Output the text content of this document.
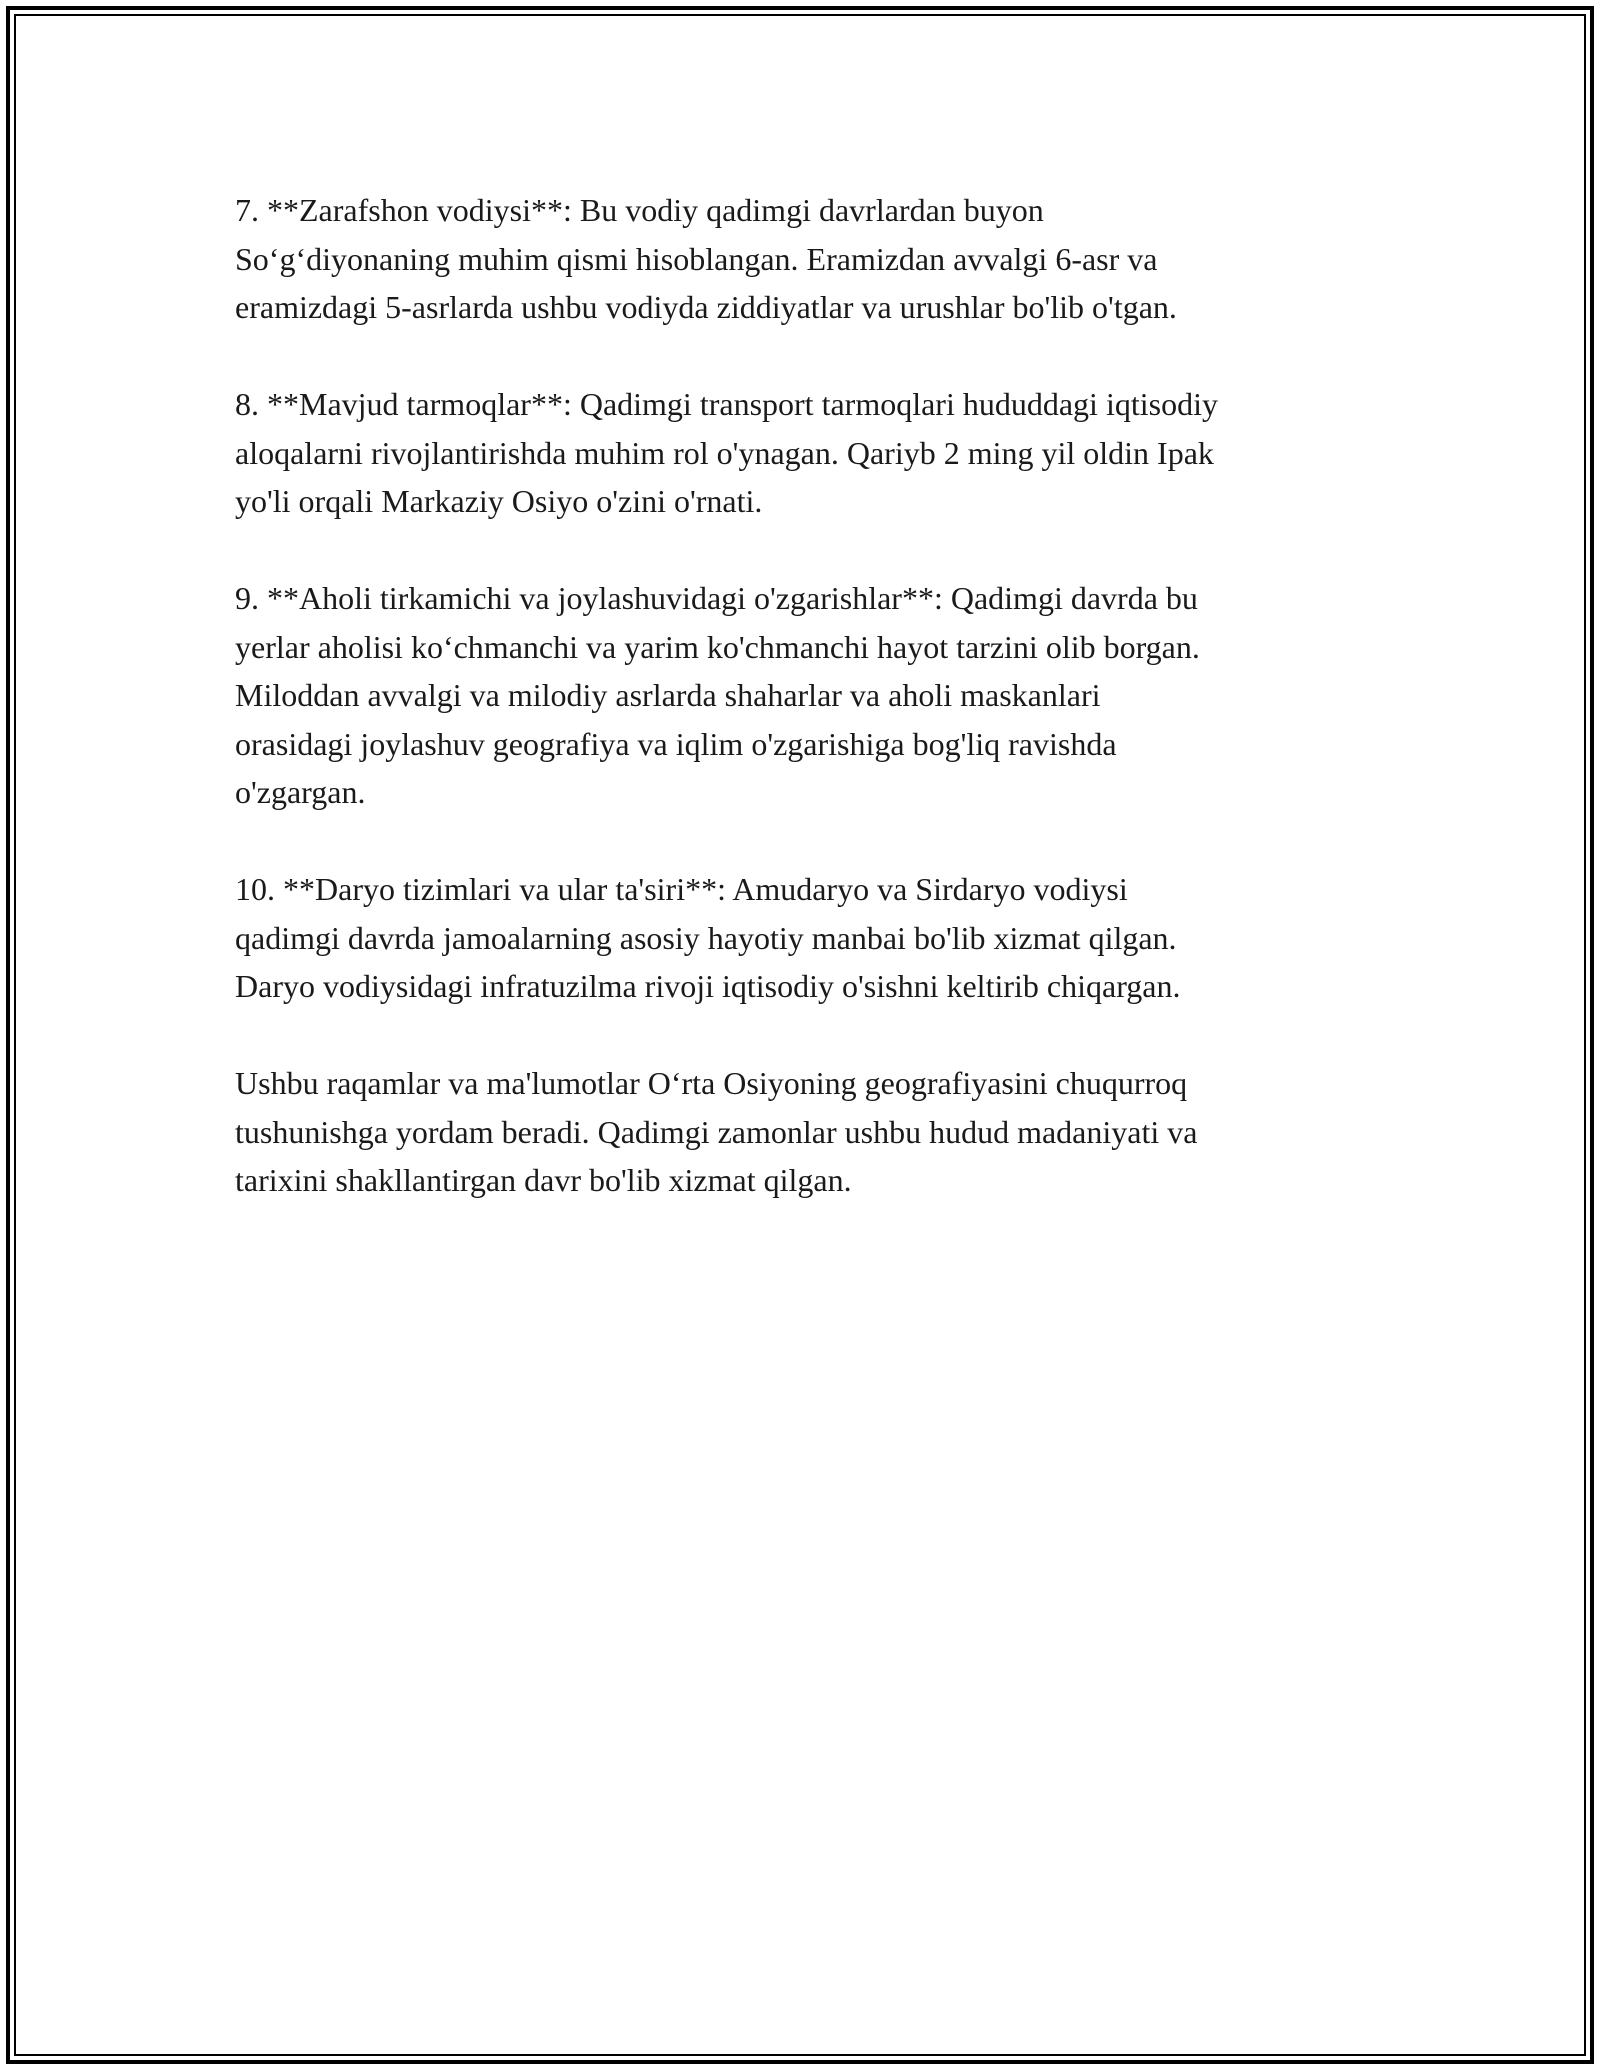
7. **Zarafshon vodiysi**: Bu vodiy qadimgi davrlardan buyon
So‘g‘diyonaning muhim qismi hisoblangan. Eramizdan avvalgi 6-asr va
eramizdagi 5-asrlarda ushbu vodiyda ziddiyatlar va urushlar bo'lib o'tgan.

8. **Mavjud tarmoqlar**: Qadimgi transport tarmoqlari hududdagi iqtisodiy
aloqalarni rivojlantirishda muhim rol o'ynagan. Qariyb 2 ming yil oldin Ipak
yo'li orqali Markaziy Osiyo o'zini o'rnati.

9. **Aholi tirkamichi va joylashuvidagi o'zgarishlar**: Qadimgi davrda bu
yerlar aholisi ko‘chmanchi va yarim ko'chmanchi hayot tarzini olib borgan.
Miloddan avvalgi va milodiy asrlarda shaharlar va aholi maskanlari
orasidagi joylashuv geografiya va iqlim o'zgarishiga bog'liq ravishda
o'zgargan.

10. **Daryo tizimlari va ular ta'siri**: Amudaryo va Sirdaryo vodiysi
qadimgi davrda jamoalarning asosiy hayotiy manbai bo'lib xizmat qilgan.
Daryo vodiysidagi infratuzilma rivoji iqtisodiy o'sishni keltirib chiqargan.

Ushbu raqamlar va ma'lumotlar O‘rta Osiyoning geografiyasini chuqurroq
tushunishga yordam beradi. Qadimgi zamonlar ushbu hudud madaniyati va
tarixini shakllantirgan davr bo'lib xizmat qilgan.
